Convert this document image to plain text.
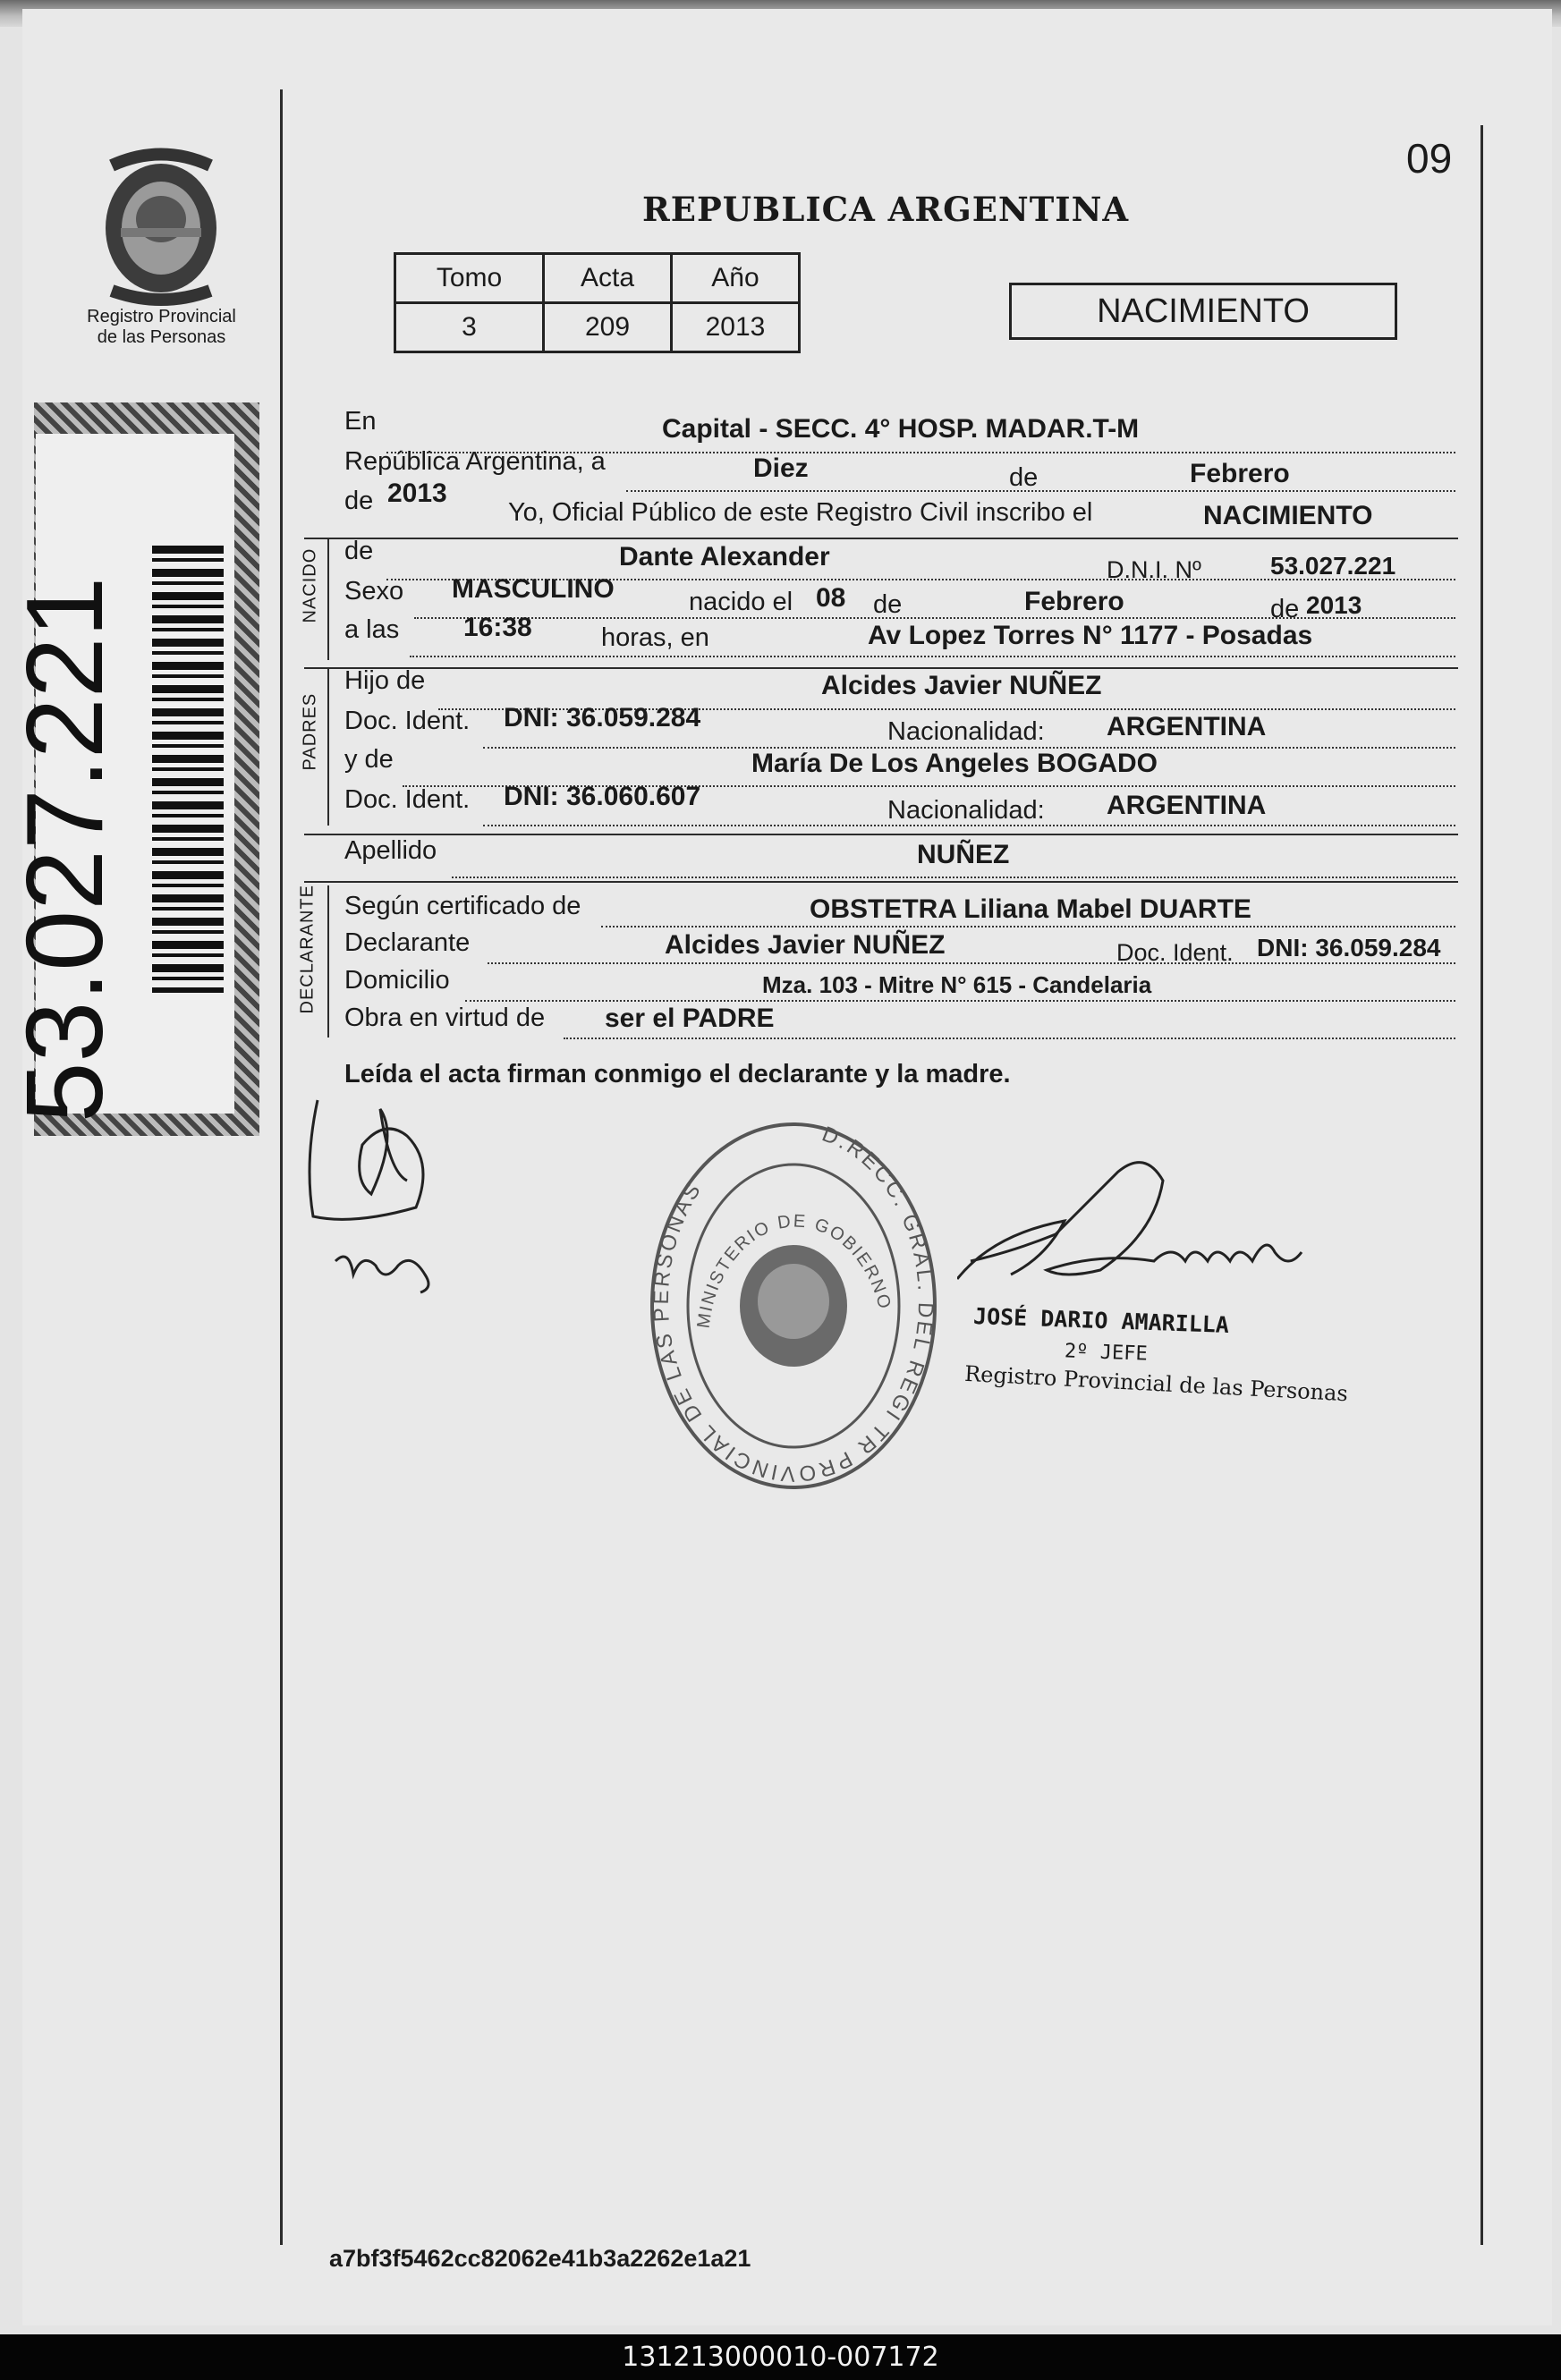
Registro Provincial
de las Personas
53.027.221
09
REPUBLICA ARGENTINA
Tomo	Acta	Año
3	209	2013	NACIMIENTO
En	Capital - SECC. 4° HOSP. MADAR.T-M
República Argentina, a	Diez	de	Febrero
de 2013
Yo, Oficial Público de este Registro Civil inscribo el	NACIMIENTO
NACIDO de	Dante Alexander	D.N.I. Nº	53.027.221
Sexo MASCULINO	nacido el 08 de	Febrero	de 2013
a las 16:38	horas, en	Av Lopez Torres N° 1177 - Posadas
PADRES
Hijo de	Alcides Javier NUÑEZ
Doc. Ident. DNI: 36.059.284	Nacionalidad: ARGENTINA
y de	María De Los Angeles BOGADO
Doc. Ident. DNI: 36.060.607	Nacionalidad: ARGENTINA
Apellido	NUÑEZ
DECLARANTE Según certificado de	OBSTETRA Liliana Mabel DUARTE
Declarante	Alcides Javier NUÑEZ	Doc. Ident. DNI: 36.059.284
Domicilio	Mza. 103 - Mitre N° 615 - Candelaria
Obra en virtud de ser el PADRE
Leída el acta firman conmigo el declarante y la madre.
D.RECC. GRAL. DEL REGI TR PROVINCIAL DE LAS PERSONAS
MINISTERIO DE GOBIERNO
JOSÉ DARIO AMARILLA
2º JEFE
Registro Provincial de las Personas
a7bf3f5462cc82062e41b3a2262e1a21
131213000010-007172
